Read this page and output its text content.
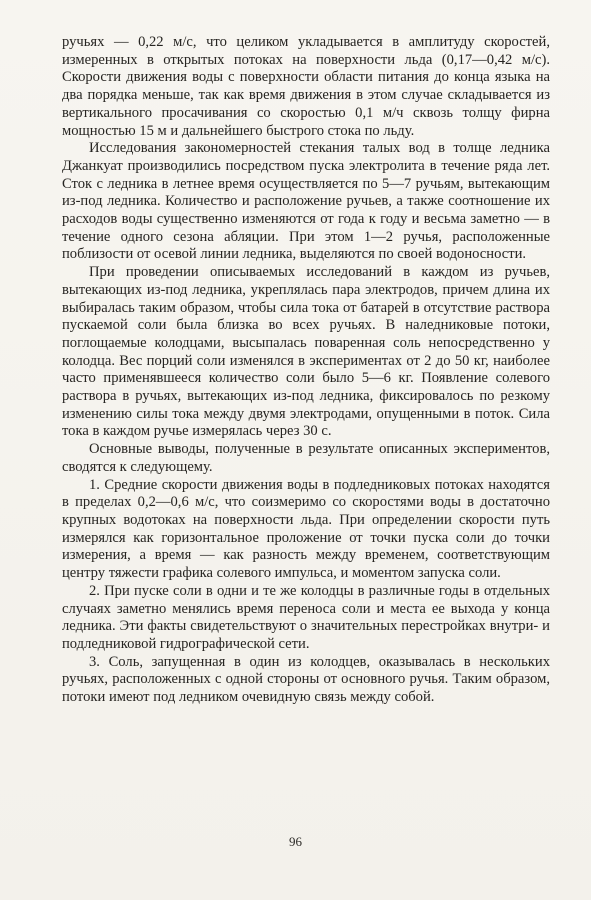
ручьях — 0,22 м/с, что целиком укладывается в амплитуду скоростей, измеренных в открытых потоках на поверхности льда (0,17—0,42 м/с). Скорости движения воды с поверхности области питания до конца языка на два порядка меньше, так как время движения в этом случае складывается из вертикального просачивания со скоростью 0,1 м/ч сквозь толщу фирна мощностью 15 м и дальнейшего быстрого стока по льду.

Исследования закономерностей стекания талых вод в толще ледника Джанкуат производились посредством пуска электролита в течение ряда лет. Сток с ледника в летнее время осуществляется по 5—7 ручьям, вытекающим из-под ледника. Количество и расположение ручьев, а также соотношение их расходов воды существенно изменяются от года к году и весьма заметно — в течение одного сезона абляции. При этом 1—2 ручья, расположенные поблизости от осевой линии ледника, выделяются по своей водоносности.

При проведении описываемых исследований в каждом из ручьев, вытекающих из-под ледника, укреплялась пара электродов, причем длина их выбиралась таким образом, чтобы сила тока от батарей в отсутствие раствора пускаемой соли была близка во всех ручьях. В наледниковые потоки, поглощаемые колодцами, высыпалась поваренная соль непосредственно у колодца. Вес порций соли изменялся в экспериментах от 2 до 50 кг, наиболее часто применявшееся количество соли было 5—6 кг. Появление солевого раствора в ручьях, вытекающих из-под ледника, фиксировалось по резкому изменению силы тока между двумя электродами, опущенными в поток. Сила тока в каждом ручье измерялась через 30 с.

Основные выводы, полученные в результате описанных экспериментов, сводятся к следующему.

1. Средние скорости движения воды в подледниковых потоках находятся в пределах 0,2—0,6 м/с, что соизмеримо со скоростями воды в достаточно крупных водотоках на поверхности льда. При определении скорости путь измерялся как горизонтальное проложение от точки пуска соли до точки измерения, а время — как разность между временем, соответствующим центру тяжести графика солевого импульса, и моментом запуска соли.

2. При пуске соли в одни и те же колодцы в различные годы в отдельных случаях заметно менялись время переноса соли и места ее выхода у конца ледника. Эти факты свидетельствуют о значительных перестройках внутри- и подледниковой гидрографической сети.

3. Соль, запущенная в один из колодцев, оказывалась в нескольких ручьях, расположенных с одной стороны от основного ручья. Таким образом, потоки имеют под ледником очевидную связь между собой.

96
